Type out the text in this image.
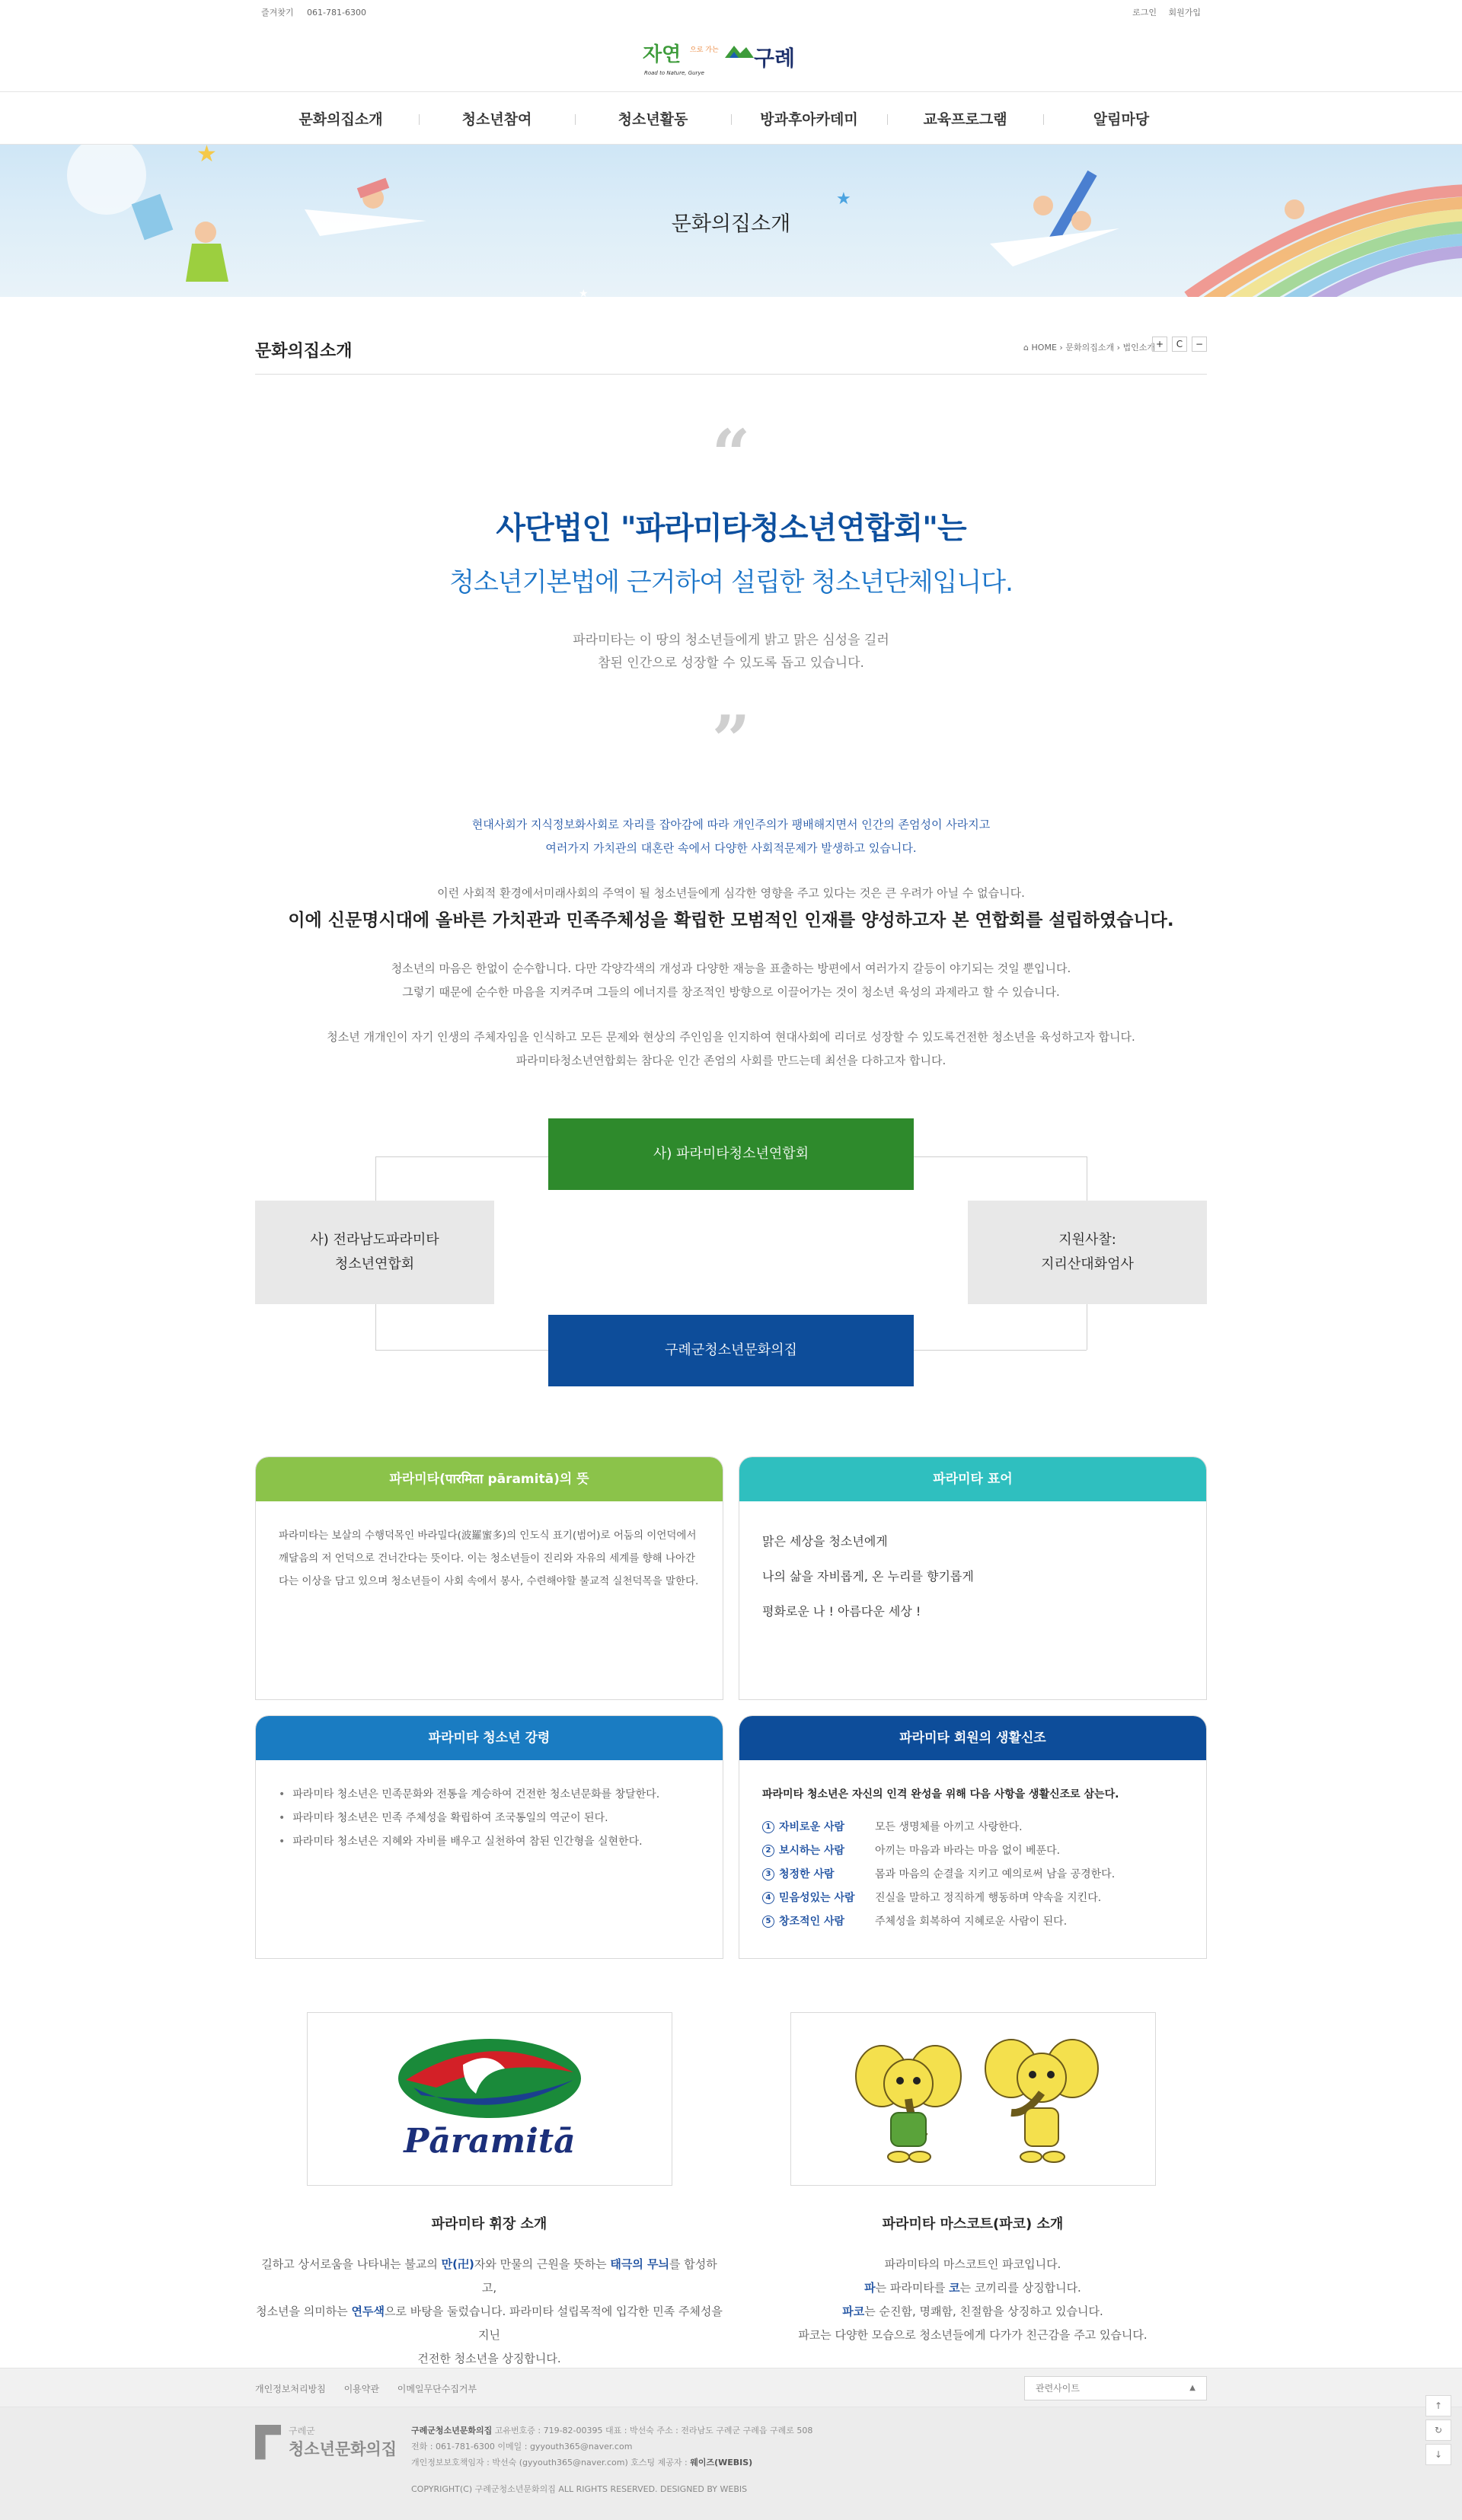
즐겨찾기 061-781-6300	로그인 회원가입
자연 으로 가는 구례
Road to Nature, Gurye
문화의집소개	청소년참여	청소년활동	방과후아카데미	교육프로그램	알림마당
★
★
★
문화의집소개
문화의집소개	⌂ HOME › 문화의집소개 › 법인소개 +	C	−
“
사단법인 "파라미타청소년연합회"는
청소년기본법에 근거하여 설립한 청소년단체입니다.

파라미타는 이 땅의 청소년들에게 밝고 맑은 심성을 길러
참된 인간으로 성장할 수 있도록 돕고 있습니다.

”

현대사회가 지식정보화사회로 자리를 잡아감에 따라 개인주의가 팽배해지면서 인간의 존엄성이 사라지고
여러가지 가치관의 대혼란 속에서 다양한 사회적문제가 발생하고 있습니다.

이런 사회적 환경에서미래사회의 주역이 될 청소년들에게 심각한 영향을 주고 있다는 것은 큰 우려가 아닐 수 없습니다.

이에 신문명시대에 올바른 가치관과 민족주체성을 확립한 모범적인 인재를 양성하고자 본 연합회를 설립하였습니다.

청소년의 마음은 한없이 순수합니다. 다만 각양각색의 개성과 다양한 재능을 표출하는 방편에서 여러가지 갈등이 야기되는 것일 뿐입니다.
그렇기 때문에 순수한 마음을 지켜주며 그들의 에너지를 창조적인 방향으로 이끌어가는 것이 청소년 육성의 과제라고 할 수 있습니다.

청소년 개개인이 자기 인생의 주체자임을 인식하고 모든 문제와 현상의 주인임을 인지하여 현대사회에 리더로 성장할 수 있도록건전한 청소년을 육성하고자 합니다.
파라미타청소년연합회는 참다운 인간 존엄의 사회를 만드는데 최선을 다하고자 합니다.

사) 파라미타청소년연합회
사) 전라남도파라미타
청소년연합회
지원사찰:
지리산대화엄사
구례군청소년문화의집
파라미타(पारमिता pāramitā)의 뜻
파라미타는 보살의 수행덕목인 바라밀다(波羅蜜多)의 인도식 표기(범어)로 어둠의 이언덕에서 깨달음의 저 언덕으로 건너간다는 뜻이다. 이는 청소년들이 진리와 자유의 세계를 향해 나아간다는 이상을 담고 있으며 청소년들이 사회 속에서 봉사, 수련해야할 불교적 실천덕목을 말한다.
파라미타 표어
맑은 세상을 청소년에게
나의 삶을 자비롭게, 온 누리를 향기롭게
평화로운 나 ! 아름다운 세상 !
파라미타 청소년 강령
• 파라미타 청소년은 민족문화와 전통을 계승하여 건전한 청소년문화를 창달한다.
• 파라미타 청소년은 민족 주체성을 확립하여 조국통일의 역군이 된다.
• 파라미타 청소년은 지혜와 자비를 배우고 실천하여 참된 인간형을 실현한다.
파라미타 회원의 생활신조
파라미타 청소년은 자신의 인격 완성을 위해 다음 사항을 생활신조로 삼는다.
1 자비로운 사람	모든 생명체를 아끼고 사랑한다.
2 보시하는 사람	아끼는 마음과 바라는 마음 없이 베푼다.
3 청정한 사람	몸과 마음의 순결을 지키고 예의로써 남을 공경한다.
4 믿음성있는 사람	진실을 말하고 정직하게 행동하며 약속을 지킨다.
5 창조적인 사람	주체성을 회복하여 지혜로운 사람이 된다.
Pāramitā
파라미타 휘장 소개

길하고 상서로움을 나타내는 불교의 만(卍)자와 만물의 근원을 뜻하는 태극의 무늬를 합성하고,
청소년을 의미하는 연두색으로 바탕을 둘렀습니다. 파라미타 설립목적에 입각한 민족 주체성을 지닌
건전한 청소년을 상징합니다.

파라미타 마스코트(파코) 소개

파라미타의 마스코트인 파코입니다.
파는 파라미타를 코는 코끼리를 상징합니다.
파코는 순진함, 명쾌함, 친절함을 상징하고 있습니다.
파코는 다양한 모습으로 청소년들에게 다가가 친근감을 주고 있습니다.

개인정보처리방침 이용약관 이메일무단수집거부	관련사이트	▲
구례군
청소년문화의집
구례군청소년문화의집 고유번호증 : 719-82-00395 대표 : 박선숙 주소 : 전라남도 구례군 구례읍 구례로 508
전화 : 061-781-6300 이메일 : gyyouth365@naver.com
개인정보보호책임자 : 박선숙 (gyyouth365@naver.com) 호스팅 제공자 : 웨이즈(WEBIS)
COPYRIGHT(C) 구례군청소년문화의집 ALL RIGHTS RESERVED. DESIGNED BY WEBIS
↑
↻
↓
